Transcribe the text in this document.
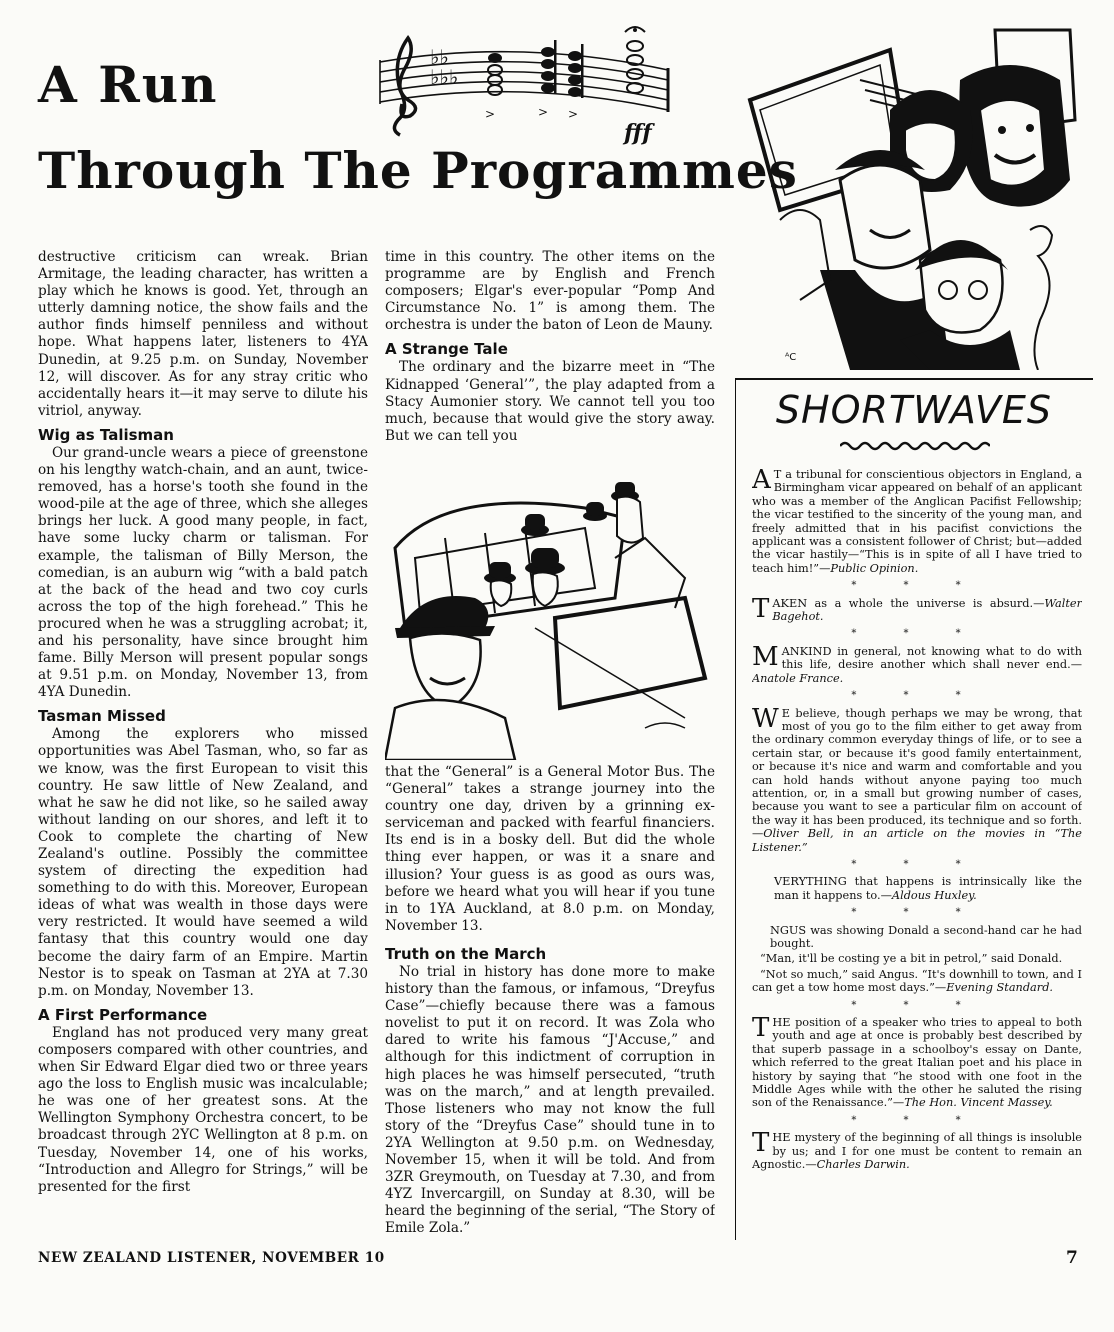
A Run
Through The Programmes
♭♭
♭♭♭
>	> >
fff
ᴬC

destructive criticism can wreak. Brian Armitage, the leading character, has written a play which he knows is good. Yet, through an utterly damning notice, the show fails and the author finds himself penniless and without hope. What happens later, listeners to 4YA Dunedin, at 9.25 p.m. on Sunday, November 12, will discover. As for any stray critic who accidentally hears it—it may serve to dilute his vitriol, anyway.

Wig as Talisman

Our grand-uncle wears a piece of greenstone on his lengthy watch-chain, and an aunt, twice-removed, has a horse's tooth she found in the wood-pile at the age of three, which she alleges brings her luck. A good many people, in fact, have some lucky charm or talisman. For example, the talisman of Billy Merson, the comedian, is an auburn wig “with a bald patch at the back of the head and two coy curls across the top of the high forehead.” This he procured when he was a struggling acrobat; it, and his personality, have since brought him fame. Billy Merson will present popular songs at 9.51 p.m. on Monday, November 13, from 4YA Dunedin.

Tasman Missed

Among the explorers who missed opportunities was Abel Tasman, who, so far as we know, was the first European to visit this country. He saw little of New Zealand, and what he saw he did not like, so he sailed away without landing on our shores, and left it to Cook to complete the charting of New Zealand's outline. Possibly the committee system of directing the expedition had something to do with this. Moreover, European ideas of what was wealth in those days were very restricted. It would have seemed a wild fantasy that this country would one day become the dairy farm of an Empire. Martin Nestor is to speak on Tasman at 2YA at 7.30 p.m. on Monday, November 13.

A First Performance

England has not produced very many great composers compared with other countries, and when Sir Edward Elgar died two or three years ago the loss to English music was incalculable; he was one of her greatest sons. At the Wellington Symphony Orchestra concert, to be broadcast through 2YC Wellington at 8 p.m. on Tuesday, November 14, one of his works, “Introduction and Allegro for Strings,” will be presented for the first

time in this country. The other items on the programme are by English and French composers; Elgar's ever-popular “Pomp And Circumstance No. 1” is among them. The orchestra is under the baton of Leon de Mauny.

A Strange Tale

The ordinary and the bizarre meet in “The Kidnapped ‘General’”, the play adapted from a Stacy Aumonier story. We cannot tell you too much, because that would give the story away. But we can tell you

that the “General” is a General Motor Bus. The “General” takes a strange journey into the country one day, driven by a grinning ex-serviceman and packed with fearful financiers. Its end is in a bosky dell. But did the whole thing ever happen, or was it a snare and illusion? Your guess is as good as ours was, before we heard what you will hear if you tune in to 1YA Auckland, at 8.0 p.m. on Monday, November 13.

Truth on the March

No trial in history has done more to make history than the famous, or infamous, “Dreyfus Case”—chiefly because there was a famous novelist to put it on record. It was Zola who dared to write his famous “J'Accuse,” and although for this indictment of corruption in high places he was himself persecuted, “truth was on the march,” and at length prevailed. Those listeners who may not know the full story of the “Dreyfus Case” should tune in to 2YA Wellington at 9.50 p.m. on Wednesday, November 15, when it will be told. And from 3ZR Greymouth, on Tuesday at 7.30, and from 4YZ Invercargill, on Sunday at 8.30, will be heard the beginning of the serial, “The Story of Emile Zola.”

SHORTWAVES
A T a tribunal for conscientious objectors in England, a Birmingham vicar appeared on behalf of an applicant who was a member of the Anglican Pacifist Fellowship; the vicar testified to the sincerity of the young man, and freely admitted that in his pacifist convictions the applicant was a consistent follower of Christ; but—added the vicar hastily—“This is in spite of all I have tried to teach him!”—Public Opinion.
* * *
TAKEN as a whole the universe is absurd.—Walter Bagehot.
* * *
MANKIND in general, not knowing what to do with this life, desire another which shall never end.—Anatole France.
* * *
W E believe, though perhaps we may be wrong, that most of you go to the film either to get away from the ordinary common everyday things of life, or to see a certain star, or because it's good family entertainment, or because it's nice and warm and comfortable and you can hold hands without anyone paying too much attention, or, in a small but growing number of cases, because you want to see a particular film on account of the way it has been produced, its technique and so forth.—Oliver Bell, in an article on the movies in “The Listener.”
* * *
VERYTHING that happens is intrinsically like the man it happens to.—Aldous Huxley.
* * *
NGUS was showing Donald a second-hand car he had bought.
“Man, it'll be costing ye a bit in petrol,” said Donald.
“Not so much,” said Angus. “It's downhill to town, and I can get a tow home most days.”—Evening Standard.
* * *
THE position of a speaker who tries to appeal to both youth and age at once is probably best described by that superb passage in a schoolboy's essay on Dante, which referred to the great Italian poet and his place in history by saying that “he stood with one foot in the Middle Ages while with the other he saluted the rising son of the Renaissance.”—The Hon. Vincent Massey.
* * *
THE mystery of the beginning of all things is insoluble by us; and I for one must be content to remain an Agnostic.—Charles Darwin.
NEW ZEALAND LISTENER, NOVEMBER 10	7
